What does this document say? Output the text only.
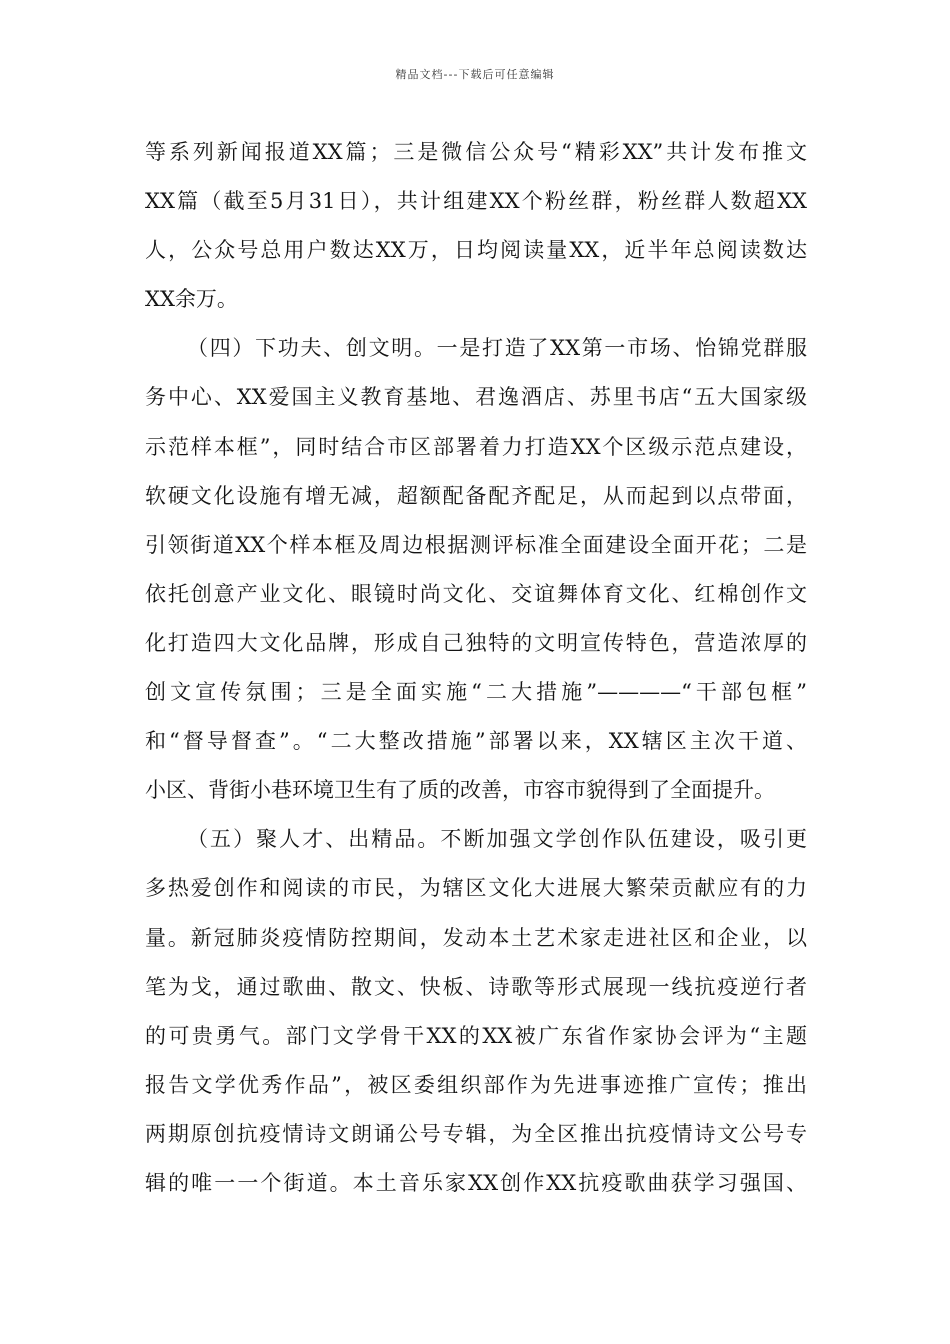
精品文档---下载后可任意编辑
等系列新闻报道XX篇；三是微信公众号“精彩XX”共计发布推文
XX篇（截至5月31日），共计组建XX个粉丝群，粉丝群人数超XX
人，公众号总用户数达XX万，日均阅读量XX，近半年总阅读数达
XX余万。
（四）下功夫、创文明。一是打造了XX第一市场、怡锦党群服
务中心、XX爱国主义教育基地、君逸酒店、苏里书店“五大国家级
示范样本框”，同时结合市区部署着力打造XX个区级示范点建设，
软硬文化设施有增无减，超额配备配齐配足，从而起到以点带面，
引领街道XX个样本框及周边根据测评标准全面建设全面开花；二是
依托创意产业文化、眼镜时尚文化、交谊舞体育文化、红棉创作文
化打造四大文化品牌，形成自己独特的文明宣传特色，营造浓厚的
创文宣传氛围；三是全面实施“二大措施”————“干部包框”
和“督导督查”。“二大整改措施”部署以来，XX辖区主次干道、
小区、背街小巷环境卫生有了质的改善，市容市貌得到了全面提升。
（五）聚人才、出精品。不断加强文学创作队伍建设，吸引更
多热爱创作和阅读的市民，为辖区文化大进展大繁荣贡献应有的力
量。新冠肺炎疫情防控期间，发动本土艺术家走进社区和企业，以
笔为戈，通过歌曲、散文、快板、诗歌等形式展现一线抗疫逆行者
的可贵勇气。部门文学骨干XX的XX被广东省作家协会评为“主题
报告文学优秀作品”，被区委组织部作为先进事迹推广宣传；推出
两期原创抗疫情诗文朗诵公号专辑，为全区推出抗疫情诗文公号专
辑的唯一一个街道。本土音乐家XX创作XX抗疫歌曲获学习强国、
